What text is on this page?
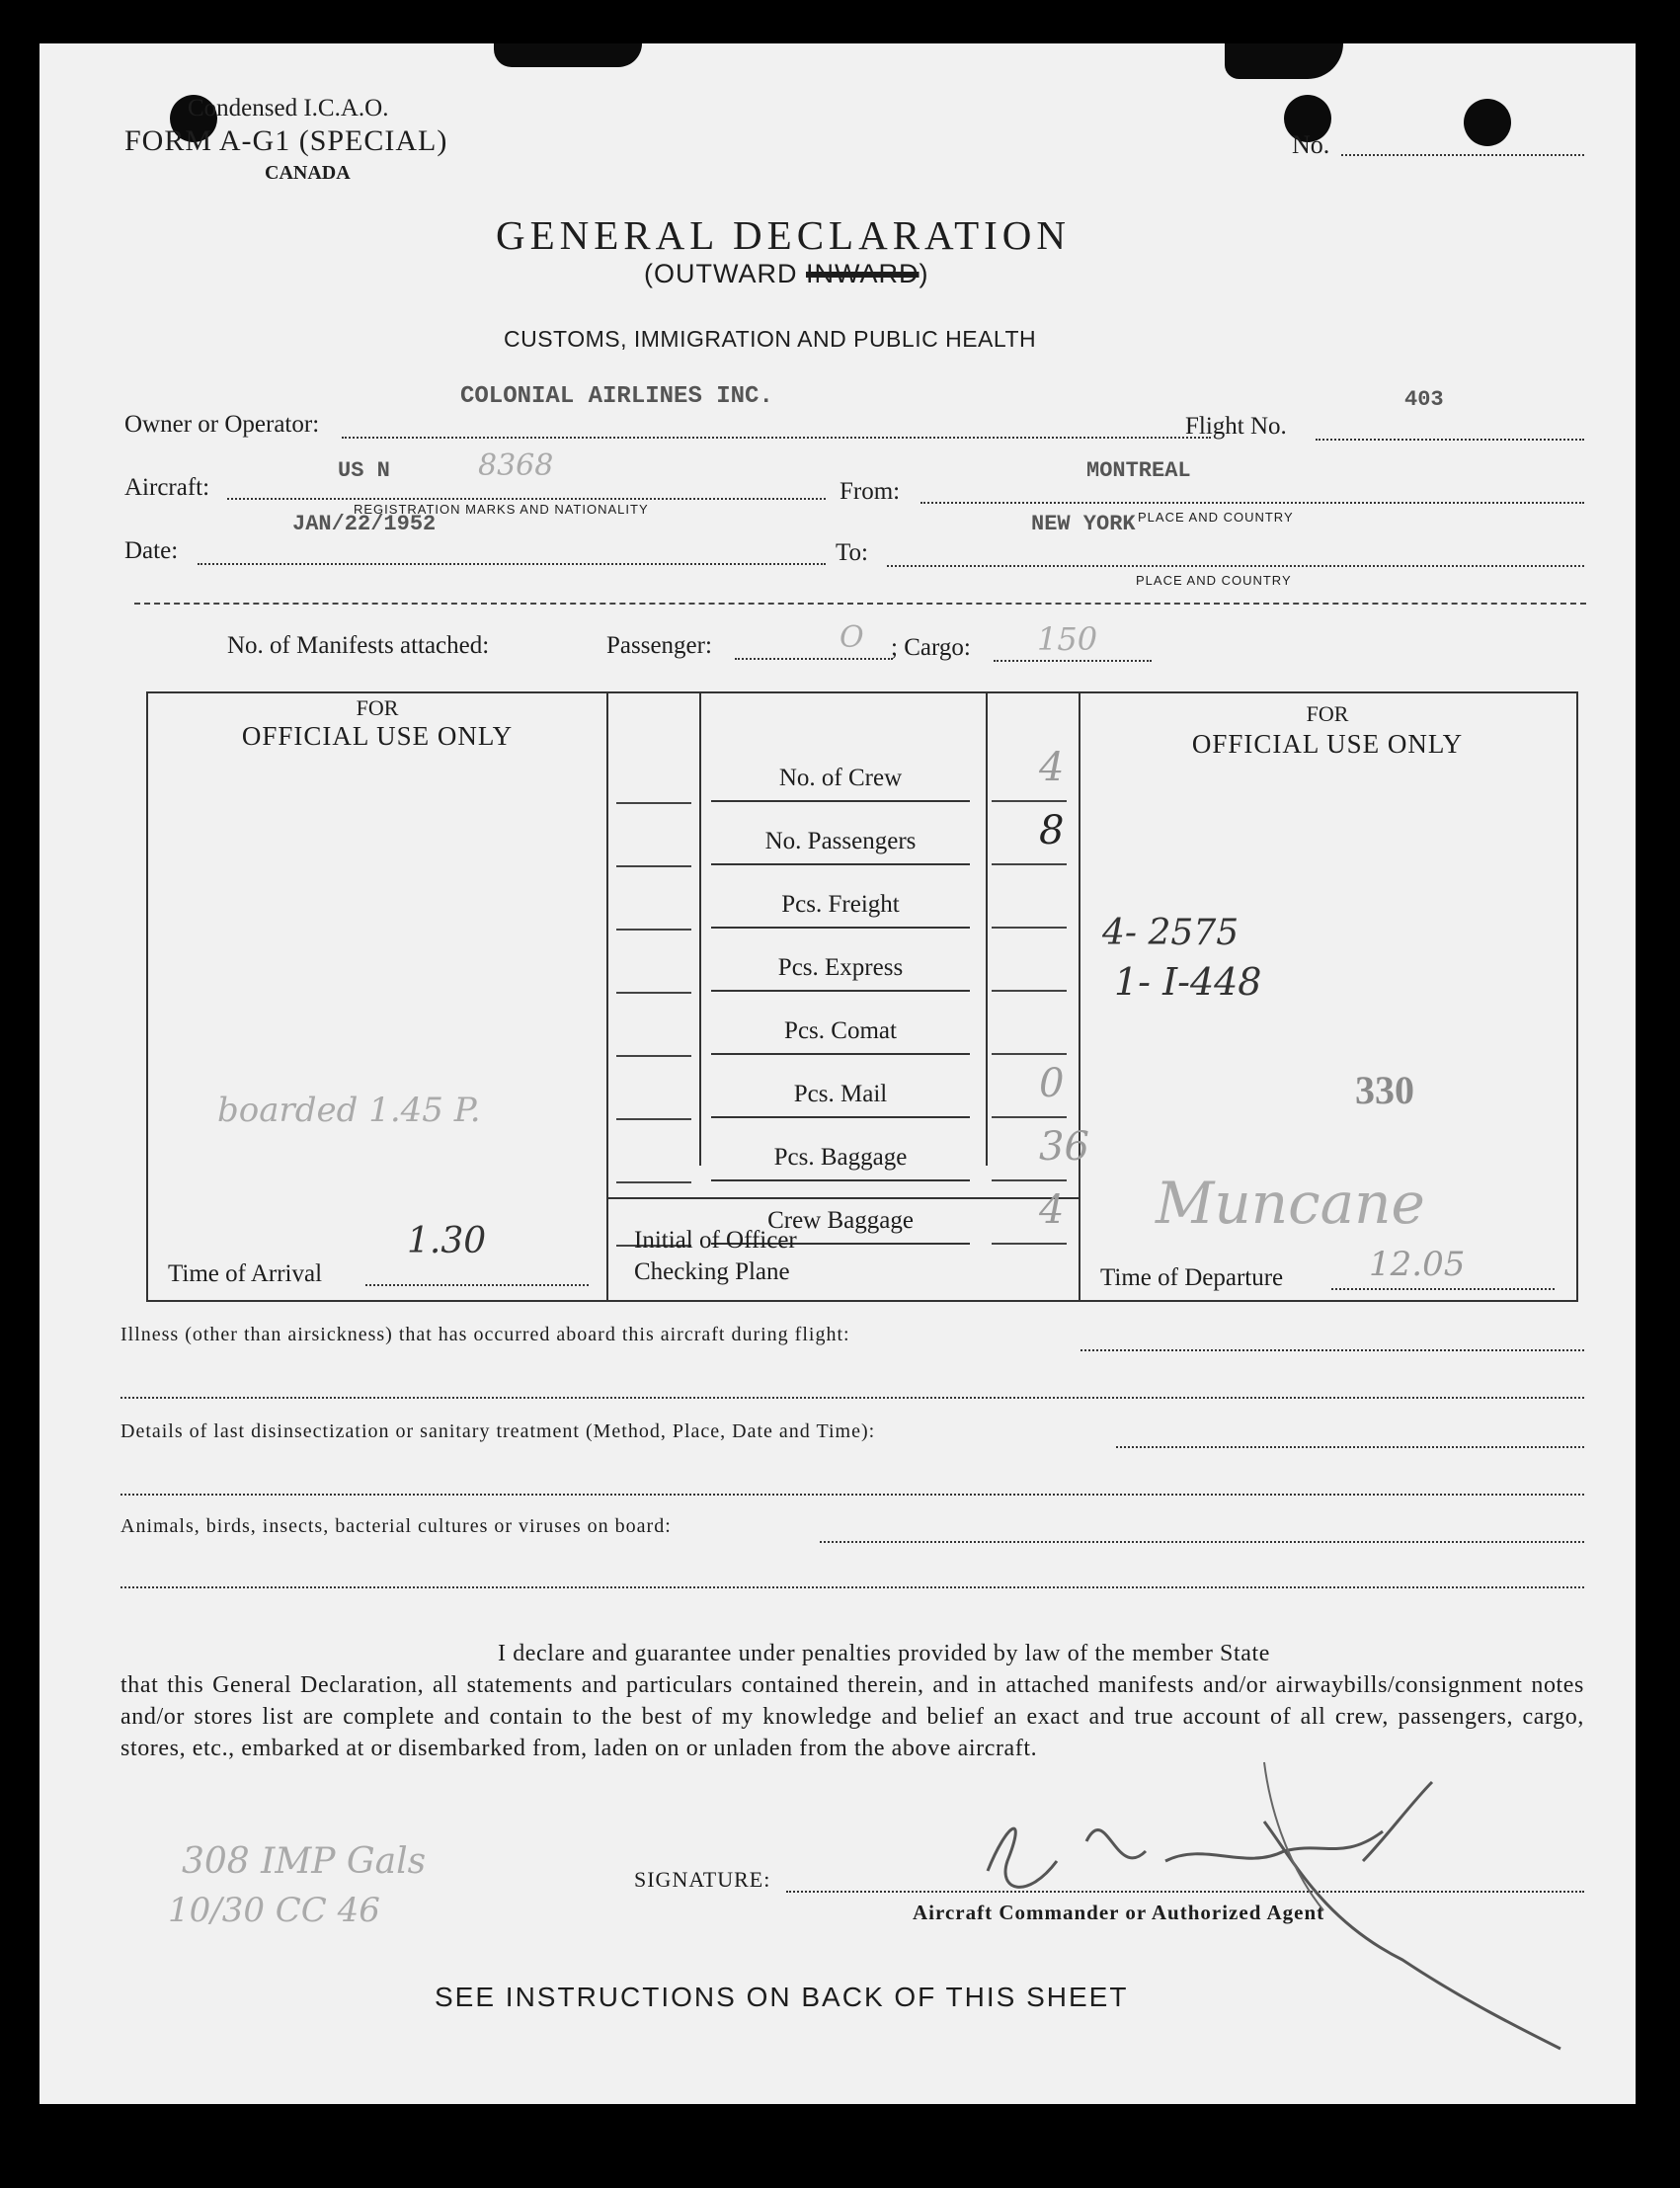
Condensed I.C.A.O.
FORM A-G1 (SPECIAL)
CANADA
No.
GENERAL DECLARATION
(OUTWARD INWARD)
CUSTOMS, IMMIGRATION AND PUBLIC HEALTH
Owner or Operator:
COLONIAL AIRLINES INC.
Flight No.
403
Aircraft:
US N	8368
REGISTRATION MARKS AND NATIONALITY
From:
MONTREAL
PLACE AND COUNTRY
Date:
JAN/22/1952
To:
NEW YORK
PLACE AND COUNTRY
No. of Manifests attached:	Passenger:	O ; Cargo: 150
FOR
OFFICIAL USE ONLY
FOR
OFFICIAL USE ONLY
No. of Crew	4
No. Passengers	8
Pcs. Freight
Pcs. Express
Pcs. Comat
Pcs. Mail	0
Pcs. Baggage	36
Crew Baggage	4
boarded 1.45 P.
Time of Arrival
1.30	Initial of Officer
Checking Plane
4- 2575
1- I-448
330
Muncane
Time of Departure	12.05
Illness (other than airsickness) that has occurred aboard this aircraft during flight:
Details of last disinsectization or sanitary treatment (Method, Place, Date and Time):
Animals, birds, insects, bacterial cultures or viruses on board:
I declare and guarantee under penalties provided by law of the member State
that this General Declaration, all statements and particulars contained therein, and in attached manifests and/or airwaybills/consignment notes and/or stores list are complete and contain to the best of my knowledge and belief an exact and true account of all crew, passengers, cargo, stores, etc., embarked at or disembarked from, laden on or unladen from the above aircraft.
308 IMP Gals
10/30 CC 46
SIGNATURE:
Aircraft Commander or Authorized Agent
SEE INSTRUCTIONS ON BACK OF THIS SHEET
